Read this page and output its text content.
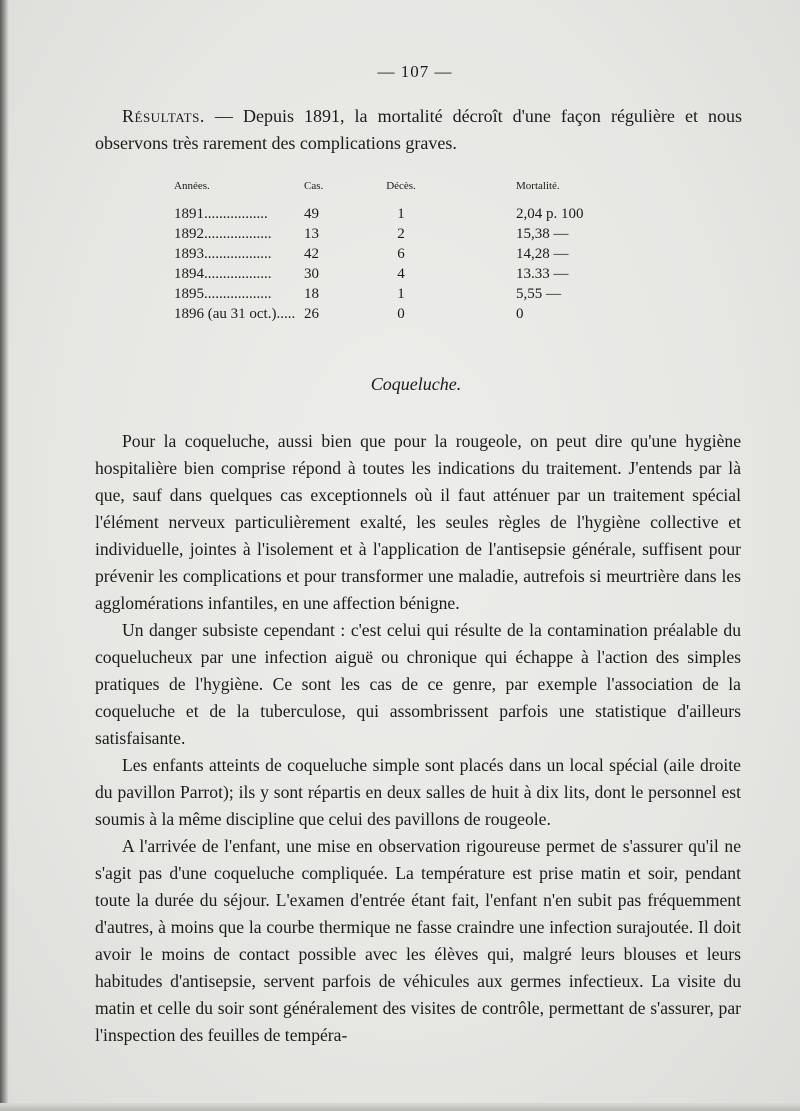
— 107 —
Résultats. — Depuis 1891, la mortalité décroît d'une façon régulière et nous
observons très rarement des complications graves.
Années.	Cas.	Décès.		Mortalité.
1891.................	49	1		2,04 p. 100
1892..................	13	2		15,38 —
1893..................	42	6		14,28 —
1894..................	30	4		13.33 —
1895..................	18	1		5,55 —
1896 (au 31 oct.).....	26	0		0
Coqueluche.

Pour la coqueluche, aussi bien que pour la rougeole, on peut dire qu'une hygiène hospitalière bien comprise répond à toutes les indications du traitement. J'entends par là que, sauf dans quelques cas exceptionnels où il faut atténuer par un traitement spécial l'élément nerveux particulièrement exalté, les seules règles de l'hygiène collective et individuelle, jointes à l'isolement et à l'application de l'antisepsie générale, suffisent pour prévenir les complications et pour transformer une maladie, autrefois si meurtrière dans les agglomérations infantiles, en une affection bénigne.

Un danger subsiste cependant : c'est celui qui résulte de la contamination préalable du coquelucheux par une infection aiguë ou chronique qui échappe à l'action des simples pratiques de l'hygiène. Ce sont les cas de ce genre, par exemple l'association de la coqueluche et de la tuberculose, qui assombrissent parfois une statistique d'ailleurs satisfaisante.

Les enfants atteints de coqueluche simple sont placés dans un local spécial (aile droite du pavillon Parrot); ils y sont répartis en deux salles de huit à dix lits, dont le personnel est soumis à la même discipline que celui des pavillons de rougeole.

A l'arrivée de l'enfant, une mise en observation rigoureuse permet de s'assurer qu'il ne s'agit pas d'une coqueluche compliquée. La température est prise matin et soir, pendant toute la durée du séjour. L'examen d'entrée étant fait, l'enfant n'en subit pas fréquemment d'autres, à moins que la courbe thermique ne fasse craindre une infection surajoutée. Il doit avoir le moins de contact possible avec les élèves qui, malgré leurs blouses et leurs habitudes d'antisepsie, servent parfois de véhicules aux germes infectieux. La visite du matin et celle du soir sont généralement des visites de contrôle, permettant de s'assurer, par l'inspection des feuilles de tempéra-
